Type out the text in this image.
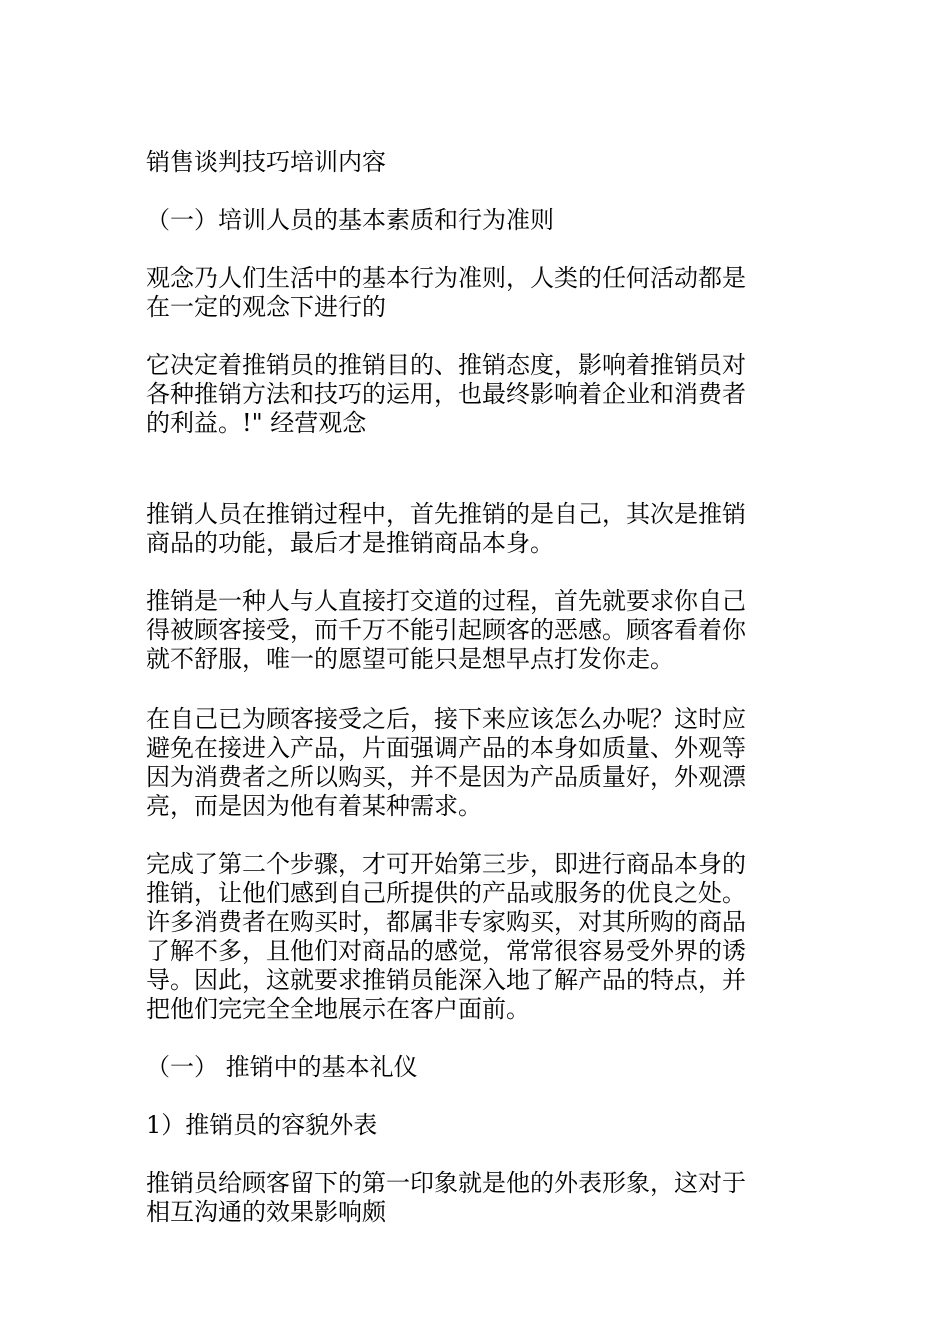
销售谈判技巧培训内容

（一）培训人员的基本素质和行为准则

观念乃人们生活中的基本行为准则，人类的任何活动都是
在一定的观念下进行的

它决定着推销员的推销目的、推销态度，影响着推销员对
各种推销方法和技巧的运用，也最终影响着企业和消费者
的利益。!" 经营观念

推销人员在推销过程中，首先推销的是自己，其次是推销
商品的功能，最后才是推销商品本身。

推销是一种人与人直接打交道的过程，首先就要求你自己
得被顾客接受，而千万不能引起顾客的恶感。顾客看着你
就不舒服，唯一的愿望可能只是想早点打发你走。

在自己已为顾客接受之后，接下来应该怎么办呢？这时应
避免在接进入产品，片面强调产品的本身如质量、外观等
因为消费者之所以购买，并不是因为产品质量好，外观漂
亮，而是因为他有着某种需求。

完成了第二个步骤，才可开始第三步，即进行商品本身的
推销，让他们感到自己所提供的产品或服务的优良之处。
许多消费者在购买时，都属非专家购买，对其所购的商品
了解不多，且他们对商品的感觉，常常很容易受外界的诱
导。因此，这就要求推销员能深入地了解产品的特点，并
把他们完完全全地展示在客户面前。

（一） 推销中的基本礼仪

1）推销员的容貌外表

推销员给顾客留下的第一印象就是他的外表形象，这对于
相互沟通的效果影响颇
